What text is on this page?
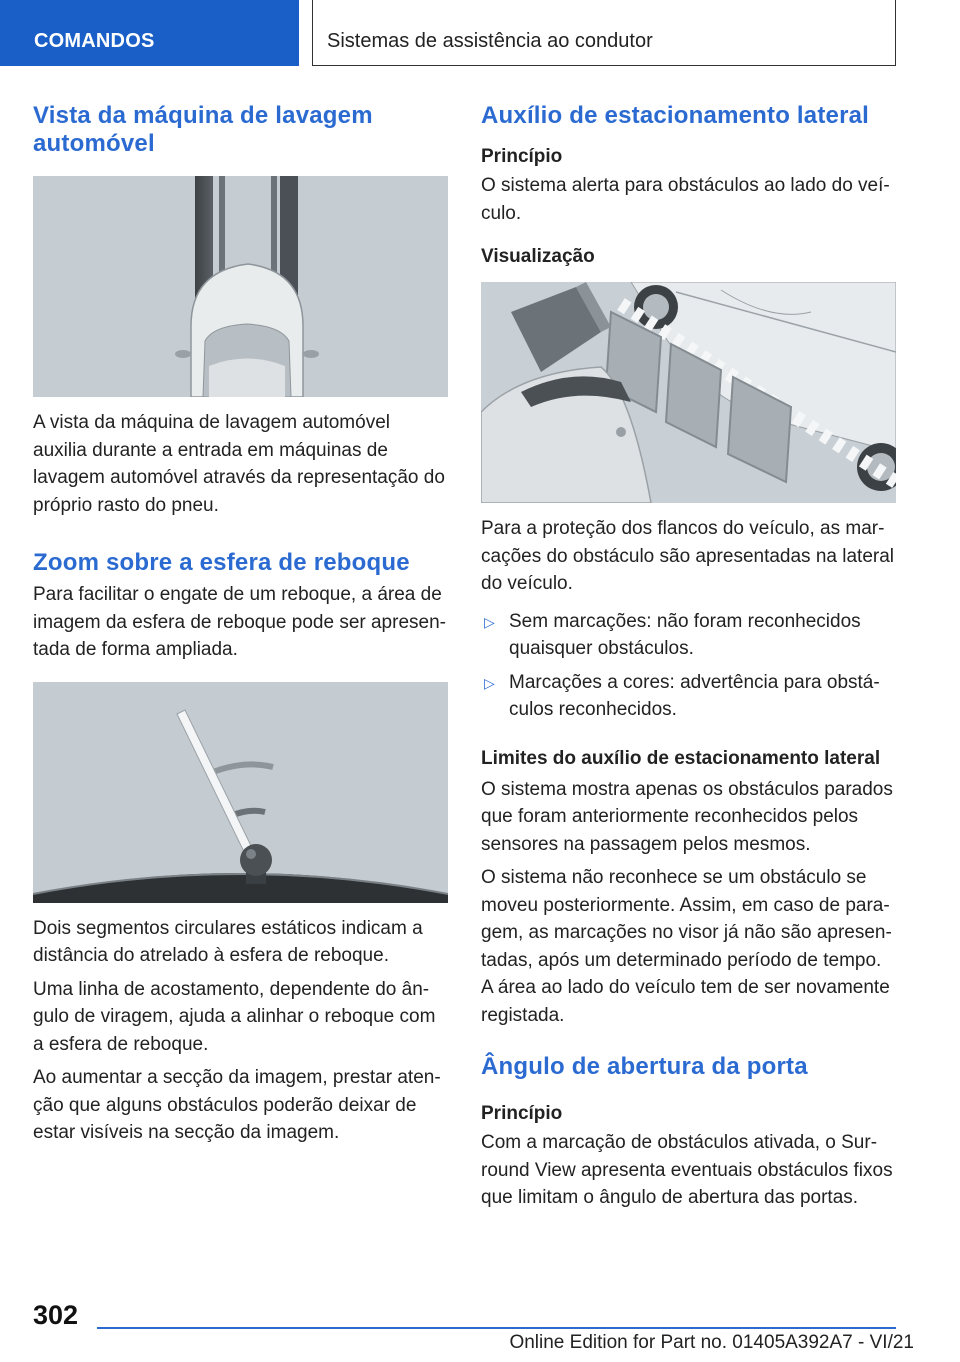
COMANDOS	Sistemas de assistência ao condutor
Vista da máquina de lavagem automóvel

A vista da máquina de lavagem automóvel auxilia durante a entrada em máquinas de lavagem automóvel através da representação do próprio rasto do pneu.

Zoom sobre a esfera de reboque

Para facilitar o engate de um reboque, a área de imagem da esfera de reboque pode ser apresentada de forma ampliada.

Dois segmentos circulares estáticos indicam a distância do atrelado à esfera de reboque.

Uma linha de acostamento, dependente do ângulo de viragem, ajuda a alinhar o reboque com a esfera de reboque.

Ao aumentar a secção da imagem, prestar atenção que alguns obstáculos poderão deixar de estar visíveis na secção da imagem.

Auxílio de estacionamento lateral
Princípio

O sistema alerta para obstáculos ao lado do veículo.

Visualização

Para a proteção dos flancos do veículo, as marcações do obstáculo são apresentadas na lateral do veículo.

▷ Sem marcações: não foram reconhecidos quaisquer obstáculos.
▷ Marcações a cores: advertência para obstáculos reconhecidos.
Limites do auxílio de estacionamento lateral

O sistema mostra apenas os obstáculos parados que foram anteriormente reconhecidos pelos sensores na passagem pelos mesmos.

O sistema não reconhece se um obstáculo se moveu posteriormente. Assim, em caso de paragem, as marcações no visor já não são apresentadas, após um determinado período de tempo. A área ao lado do veículo tem de ser novamente registada.

Ângulo de abertura da porta
Princípio

Com a marcação de obstáculos ativada, o Surround View apresenta eventuais obstáculos fixos que limitam o ângulo de abertura das portas.

302
Online Edition for Part no. 01405A392A7 - VI/21
